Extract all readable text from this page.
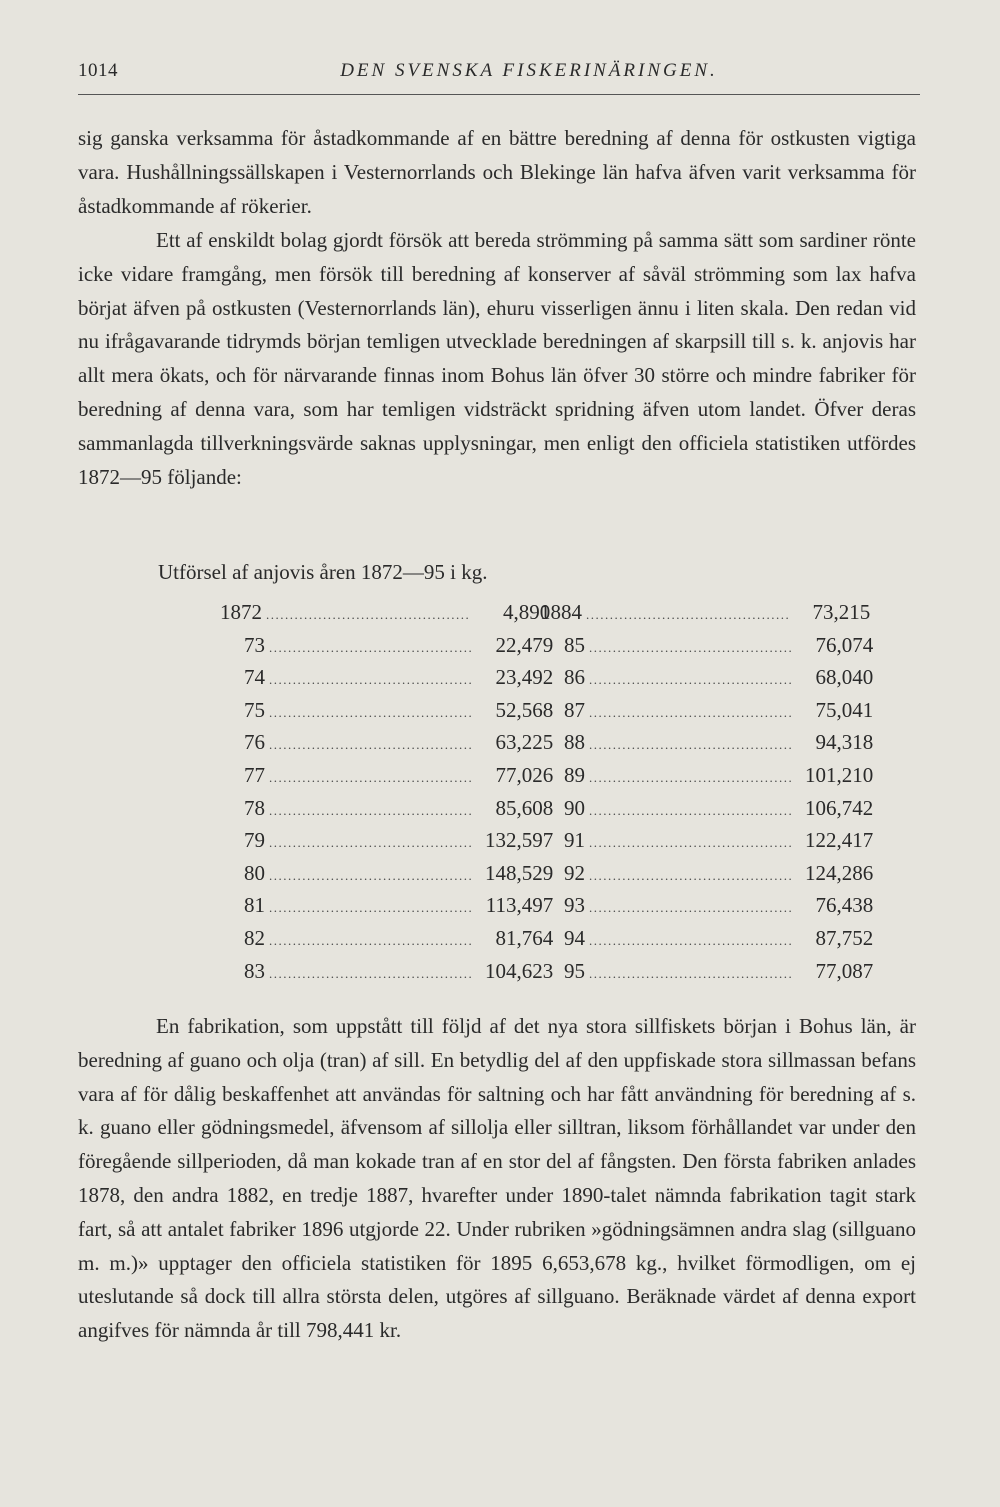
1014	DEN SVENSKA FISKERINÄRINGEN.

sig ganska verksamma för åstadkommande af en bättre beredning af denna för ostkusten vigtiga vara. Hushållningssällskapen i Vesternorrlands och Blekinge län hafva äfven varit verksamma för åstadkommande af rökerier.

Ett af enskildt bolag gjordt försök att bereda strömming på samma sätt som sardiner rönte icke vidare framgång, men försök till beredning af konserver af såväl strömming som lax hafva börjat äfven på ostkusten (Vesternorrlands län), ehuru visserligen ännu i liten skala. Den redan vid nu ifrågavarande tidrymds början temligen utvecklade beredningen af skarpsill till s. k. anjovis har allt mera ökats, och för närvarande finnas inom Bohus län öfver 30 större och mindre fabriker för beredning af denna vara, som har temligen vidsträckt spridning äfven utom landet. Öfver deras sammanlagda tillverkningsvärde saknas upplysningar, men enligt den officiela statistiken utfördes 1872—95 följande:

Utförsel af anjovis åren 1872—95 i kg.
1872 ...........................................	4,890
73 ...........................................	22,479
74 ...........................................	23,492
75 ...........................................	52,568
76 ...........................................	63,225
77 ...........................................	77,026
78 ...........................................	85,608
79 ........................................... 132,597
80 ........................................... 148,529
81 ........................................... 113,497
82 ...........................................	81,764
83 ........................................... 104,623
1884 ...........................................	73,215
85 ...........................................	76,074
86 ...........................................	68,040
87 ...........................................	75,041
88 ...........................................	94,318
89 ........................................... 101,210
90 ........................................... 106,742
91 ........................................... 122,417
92 ........................................... 124,286
93 ...........................................	76,438
94 ...........................................	87,752
95 ...........................................	77,087

En fabrikation, som uppstått till följd af det nya stora sillfiskets början i Bohus län, är beredning af guano och olja (tran) af sill. En betydlig del af den uppfiskade stora sillmassan befans vara af för dålig beskaffenhet att användas för saltning och har fått användning för beredning af s. k. guano eller gödningsmedel, äfvensom af sillolja eller silltran, liksom förhållandet var under den föregående sillperioden, då man kokade tran af en stor del af fångsten. Den första fabriken anlades 1878, den andra 1882, en tredje 1887, hvarefter under 1890-talet nämnda fabrikation tagit stark fart, så att antalet fabriker 1896 utgjorde 22. Under rubriken »gödningsämnen andra slag (sillguano m. m.)» upptager den officiela statistiken för 1895 6,653,678 kg., hvilket förmodligen, om ej uteslutande så dock till allra största delen, utgöres af sillguano. Beräknade värdet af denna export angifves för nämnda år till 798,441 kr.
